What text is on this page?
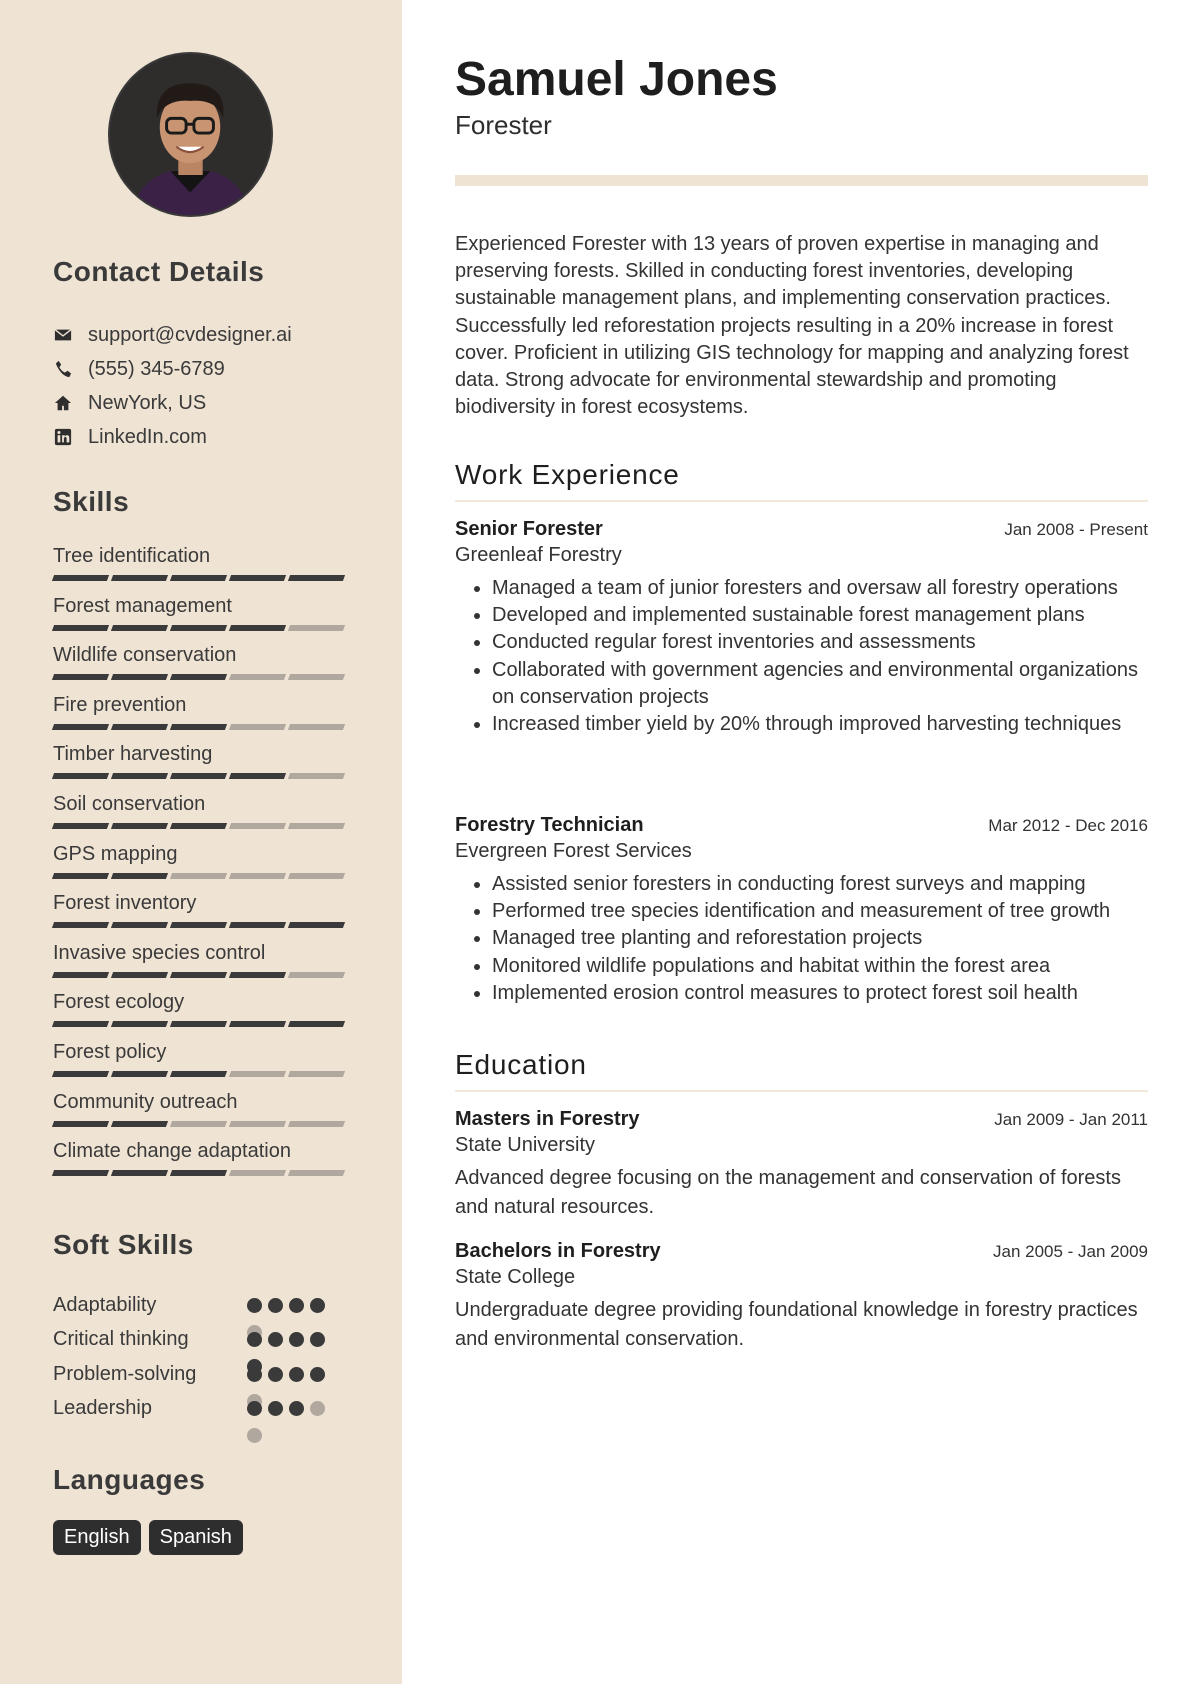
Contact Details
support@cvdesigner.ai
(555) 345-6789
NewYork, US
LinkedIn.com
Skills
Tree identification
Forest management
Wildlife conservation
Fire prevention
Timber harvesting
Soil conservation
GPS mapping
Forest inventory
Invasive species control
Forest ecology
Forest policy
Community outreach
Climate change adaptation
Soft Skills
Adaptability
Critical thinking
Problem-solving
Leadership
Languages
English	Spanish
Samuel Jones
Forester

Experienced Forester with 13 years of proven expertise in managing and preserving forests. Skilled in conducting forest inventories, developing sustainable management plans, and implementing conservation practices. Successfully led reforestation projects resulting in a 20% increase in forest cover. Proficient in utilizing GIS technology for mapping and analyzing forest data. Strong advocate for environmental stewardship and promoting biodiversity in forest ecosystems.

Work Experience
Senior Forester	Jan 2008 - Present
Greenleaf Forestry
• Managed a team of junior foresters and oversaw all forestry operations
• Developed and implemented sustainable forest management plans
• Conducted regular forest inventories and assessments
• Collaborated with government agencies and environmental organizations on conservation projects
• Increased timber yield by 20% through improved harvesting techniques
Forestry Technician	Mar 2012 - Dec 2016
Evergreen Forest Services
• Assisted senior foresters in conducting forest surveys and mapping
• Performed tree species identification and measurement of tree growth
• Managed tree planting and reforestation projects
• Monitored wildlife populations and habitat within the forest area
• Implemented erosion control measures to protect forest soil health
Education
Masters in Forestry	Jan 2009 - Jan 2011
State University

Advanced degree focusing on the management and conservation of forests and natural resources.

Bachelors in Forestry	Jan 2005 - Jan 2009
State College

Undergraduate degree providing foundational knowledge in forestry practices and environmental conservation.
